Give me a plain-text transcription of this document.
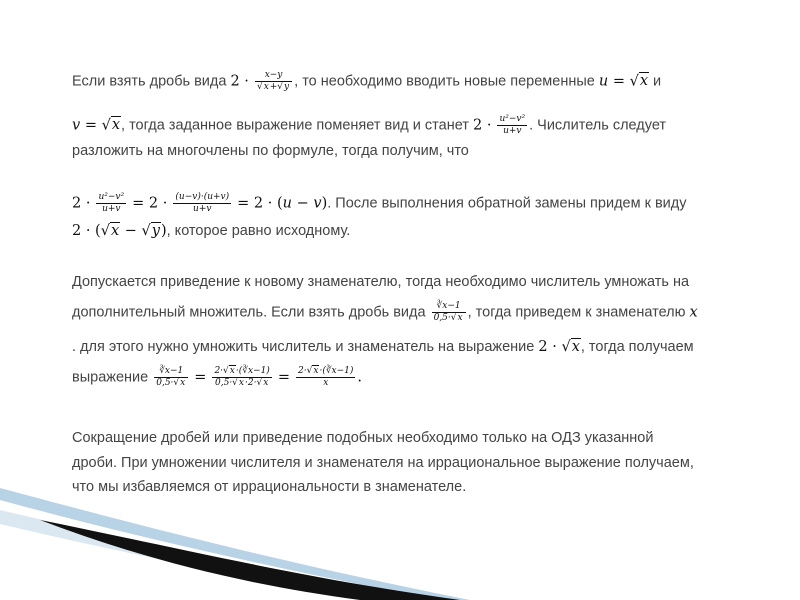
Если взять дробь вида $2 \cdot \frac{x-y}{√x+√y}$ , то необходимо вводить новые переменные u = √x и
v = √x, тогда заданное выражение поменяет вид и станет $2 \cdot \frac{\text{u²−v²}}{u+v}$ . Числитель следует
разложить на многочлены по формуле, тогда получим, что
$2 \cdot \frac{\text{u²−v²}}{u+v} = 2 \cdot \frac{(u-v)\cdot(u+v)}{u+v} = 2 \cdot (u - v)$. После выполнения обратной замены придем к виду
2 · (√x − √y), которое равно исходному.
Допускается приведение к новому знаменателю, тогда необходимо числитель умножать на
дополнительный множитель. Если взять дробь вида $\frac{∛x-1}{0,5\cdot√x}$ , тогда приведем к знаменателю x
. для этого нужно умножить числитель и знаменатель на выражение 2 · √x, тогда получаем
выражение $\frac{∛x-1}{0,5\cdot√x} = \frac{2\cdot√x\cdot(∛x-1)}{0,5\cdot√x\cdot 2\cdot√x} = \frac{2\cdot√x\cdot(∛x-1)}{x}$ .
Сокращение дробей или приведение подобных необходимо только на ОДЗ указанной
дроби. При умножении числителя и знаменателя на иррациональное выражение получаем,
что мы избавляемся от иррациональности в знаменателе.
